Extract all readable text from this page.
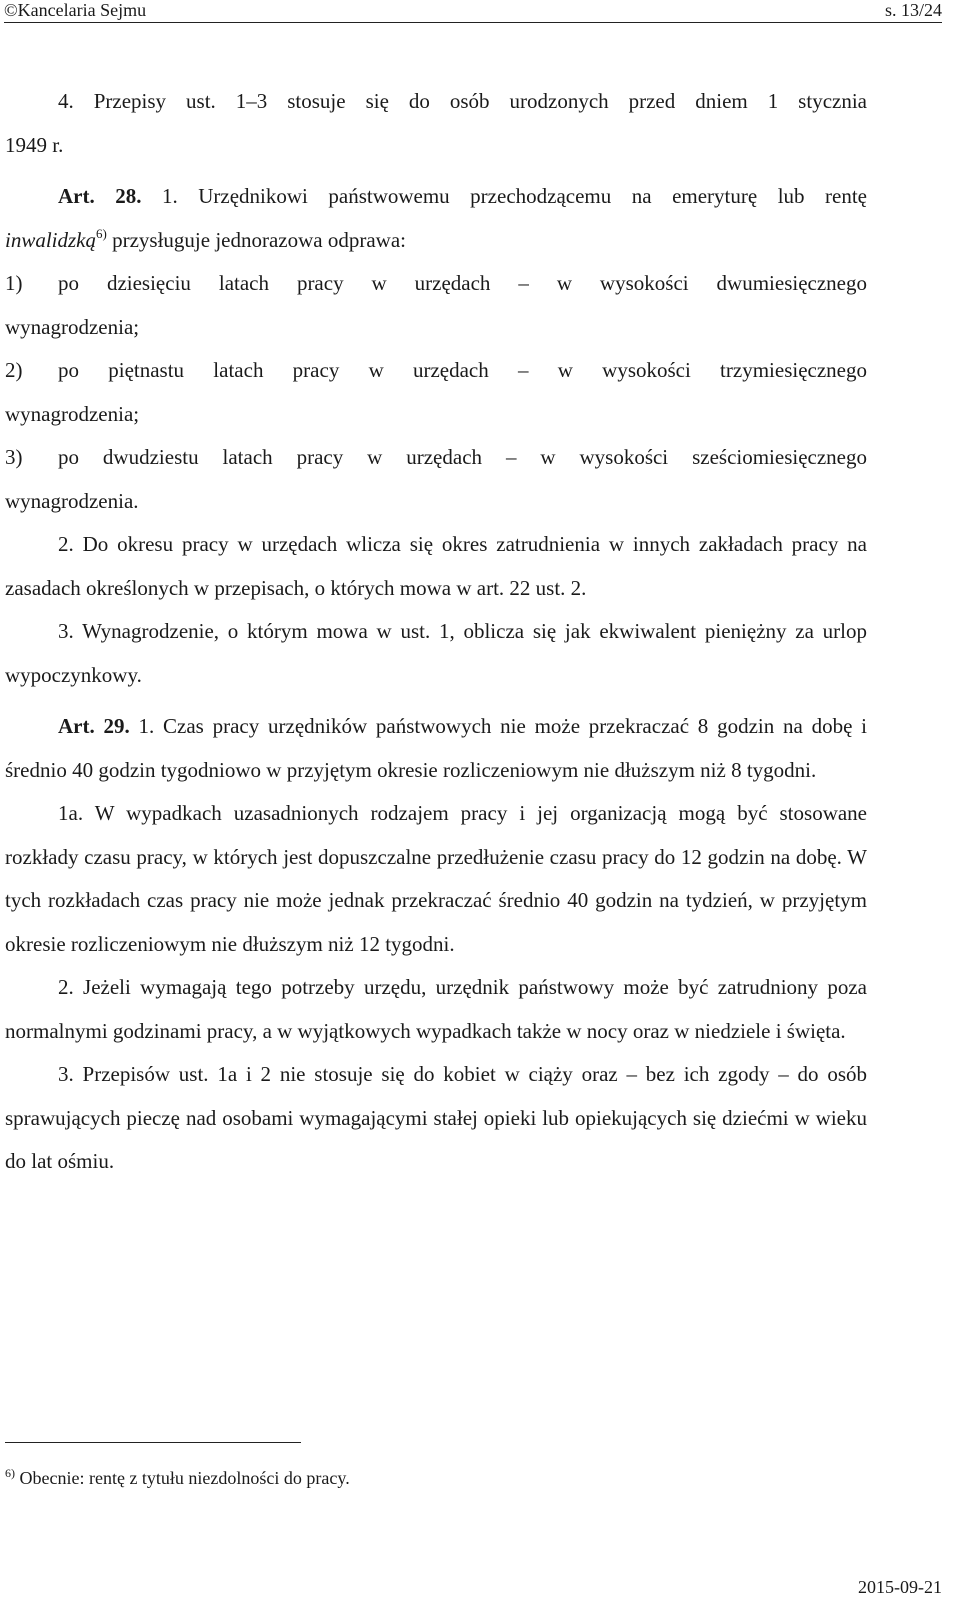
©Kancelaria Sejmu	s. 13/24

4. Przepisy ust. 1–3 stosuje się do osób urodzonych przed dniem 1 stycznia
1949 r.

Art. 28. 1. Urzędnikowi państwowemu przechodzącemu na emeryturę lub rentę
inwalidzką$^{6)}$ przysługuje jednorazowa odprawa:

1)	po dziesięciu latach pracy w urzędach – w wysokości dwumiesięcznego
wynagrodzenia;
2)	po piętnastu latach pracy w urzędach – w wysokości trzymiesięcznego
wynagrodzenia;
3)	po dwudziestu latach pracy w urzędach – w wysokości sześciomiesięcznego
wynagrodzenia.

2. Do okresu pracy w urzędach wlicza się okres zatrudnienia w innych zakładach pracy na zasadach określonych w przepisach, o których mowa w art. 22 ust. 2.

3. Wynagrodzenie, o którym mowa w ust. 1, oblicza się jak ekwiwalent pieniężny za urlop wypoczynkowy.

Art. 29. 1. Czas pracy urzędników państwowych nie może przekraczać 8 godzin na dobę i średnio 40 godzin tygodniowo w przyjętym okresie rozliczeniowym nie dłuższym niż 8 tygodni.

1a. W wypadkach uzasadnionych rodzajem pracy i jej organizacją mogą być stosowane rozkłady czasu pracy, w których jest dopuszczalne przedłużenie czasu pracy do 12 godzin na dobę. W tych rozkładach czas pracy nie może jednak przekraczać średnio 40 godzin na tydzień, w przyjętym okresie rozliczeniowym nie dłuższym niż 12 tygodni.

2. Jeżeli wymagają tego potrzeby urzędu, urzędnik państwowy może być zatrudniony poza normalnymi godzinami pracy, a w wyjątkowych wypadkach także w nocy oraz w niedziele i święta.

3. Przepisów ust. 1a i 2 nie stosuje się do kobiet w ciąży oraz – bez ich zgody – do osób sprawujących pieczę nad osobami wymagającymi stałej opieki lub opiekujących się dziećmi w wieku do lat ośmiu.

$^{6)}$ Obecnie: rentę z tytułu niezdolności do pracy.
2015-09-21
